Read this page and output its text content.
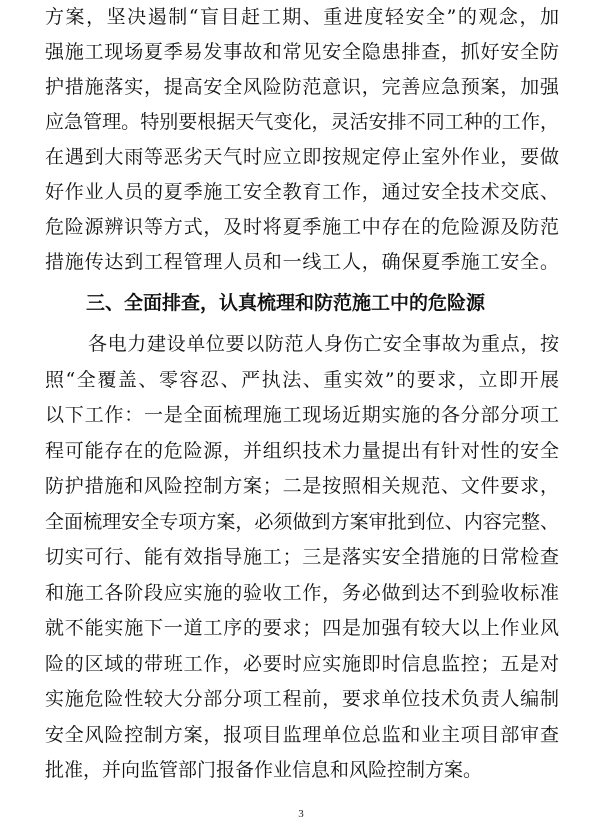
方案，坚决遏制“盲目赶工期、重进度轻安全”的观念，加
强施工现场夏季易发事故和常见安全隐患排查，抓好安全防
护措施落实，提高安全风险防范意识，完善应急预案，加强
应急管理。特别要根据天气变化，灵活安排不同工种的工作，
在遇到大雨等恶劣天气时应立即按规定停止室外作业，要做
好作业人员的夏季施工安全教育工作，通过安全技术交底、
危险源辨识等方式，及时将夏季施工中存在的危险源及防范
措施传达到工程管理人员和一线工人，确保夏季施工安全。
三、全面排查，认真梳理和防范施工中的危险源
各电力建设单位要以防范人身伤亡安全事故为重点，按
照“全覆盖、零容忍、严执法、重实效”的要求，立即开展
以下工作：一是全面梳理施工现场近期实施的各分部分项工
程可能存在的危险源，并组织技术力量提出有针对性的安全
防护措施和风险控制方案；二是按照相关规范、文件要求，
全面梳理安全专项方案，必须做到方案审批到位、内容完整、
切实可行、能有效指导施工；三是落实安全措施的日常检查
和施工各阶段应实施的验收工作，务必做到达不到验收标准
就不能实施下一道工序的要求；四是加强有较大以上作业风
险的区域的带班工作，必要时应实施即时信息监控；五是对
实施危险性较大分部分项工程前，要求单位技术负责人编制
安全风险控制方案，报项目监理单位总监和业主项目部审查
批准，并向监管部门报备作业信息和风险控制方案。
3
